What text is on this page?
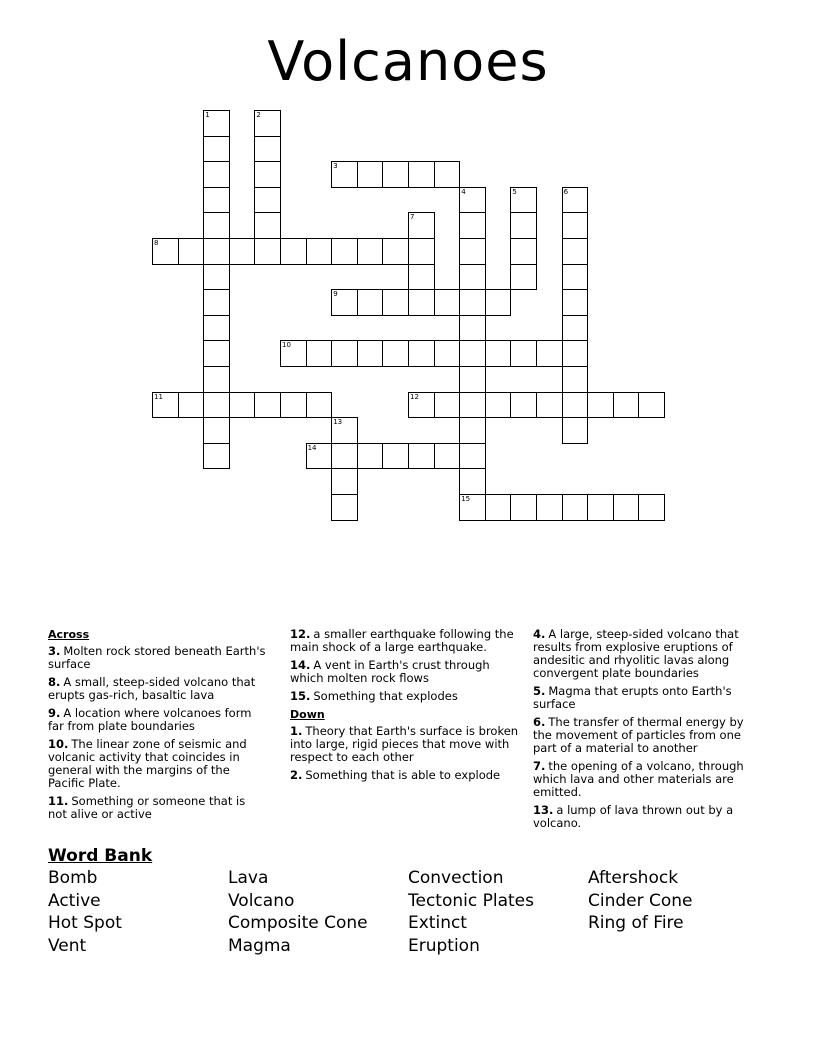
Volcanoes
1	2
3
4
15
5	6
7
8
9
10
11	12
13
14
Across
3. Molten rock stored beneath Earth's surface
8. A small, steep-sided volcano that erupts gas-rich, basaltic lava
9. A location where volcanoes form far from plate boundaries
10. The linear zone of seismic and volcanic activity that coincides in general with the margins of the Pacific Plate.
11. Something or someone that is not alive or active
12. a smaller earthquake following the main shock of a large earthquake.
14. A vent in Earth's crust through which molten rock flows
15. Something that explodes
Down
1. Theory that Earth's surface is broken into large, rigid pieces that move with respect to each other
2. Something that is able to explode
4. A large, steep-sided volcano that results from explosive eruptions of andesitic and rhyolitic lavas along convergent plate boundaries
5. Magma that erupts onto Earth's surface
6. The transfer of thermal energy by the movement of particles from one part of a material to another
7. the opening of a volcano, through which lava and other materials are emitted.
13. a lump of lava thrown out by a volcano.
Word Bank
Bomb
Active
Hot Spot
Vent
Lava
Volcano
Composite Cone
Magma
Convection
Tectonic Plates
Extinct
Eruption
Aftershock
Cinder Cone
Ring of Fire
